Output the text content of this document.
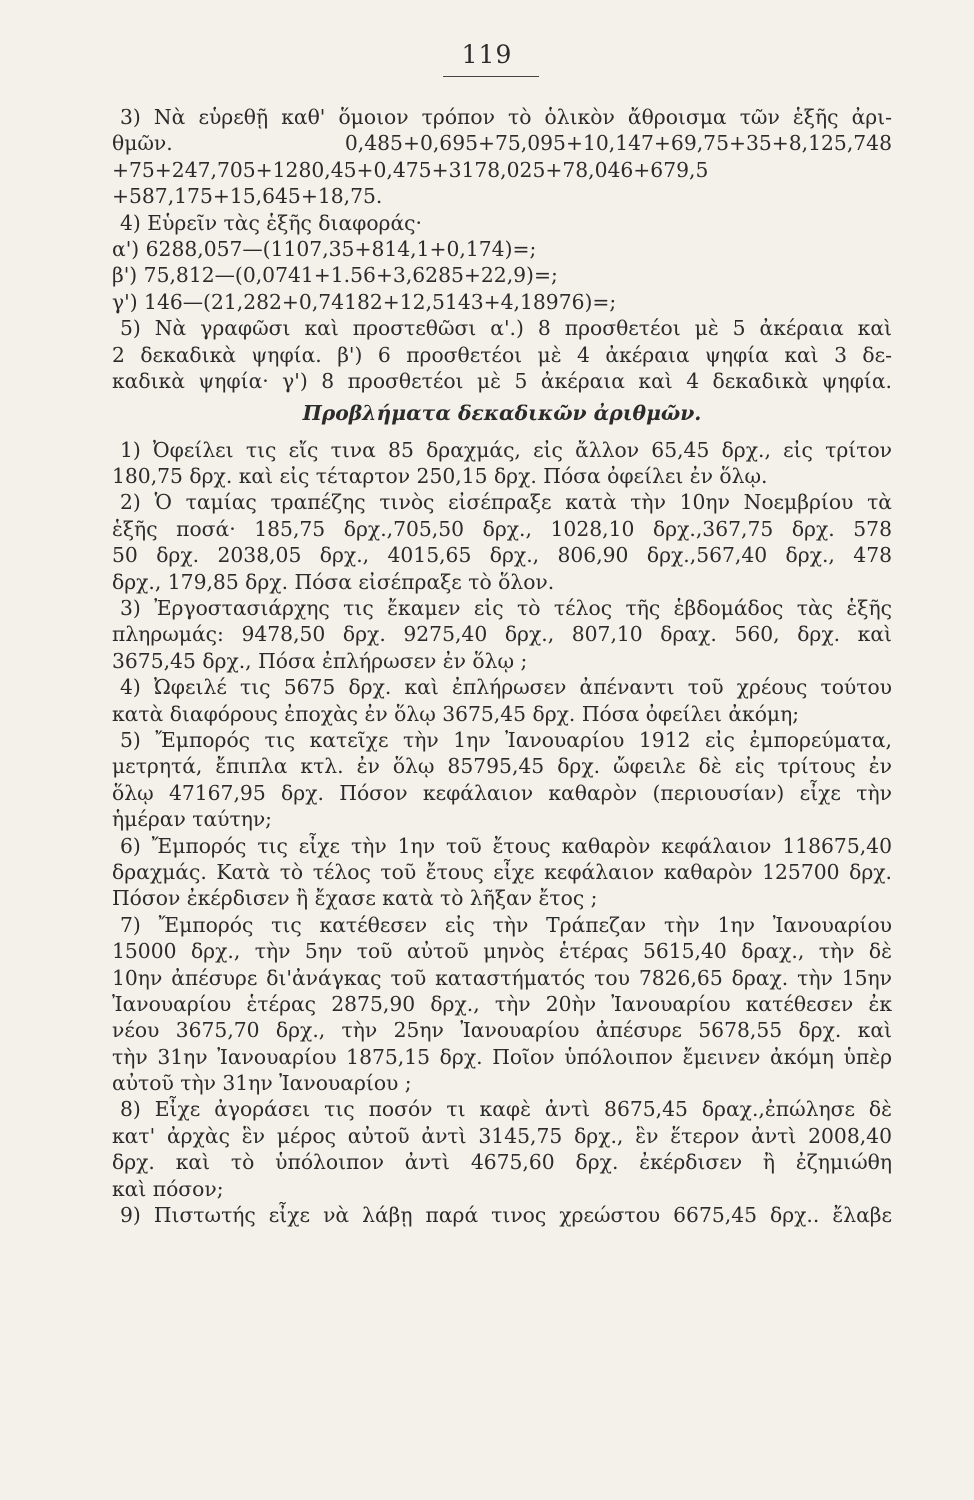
119
3) Νὰ εὑρεθῇ καθ' ὅμοιον τρόπον τὸ ὁλικὸν ἄθροισμα τῶν ἑξῆς ἀρι-
θμῶν. 0,485+0,695+75,095+10,147+69,75+35+8,125,748
+75+247,705+1280,45+0,475+3178,025+78,046+679,5
+587,175+15,645+18,75.
4) Εὑρεῖν τὰς ἑξῆς διαφοράς·
α') 6288,057—(1107,35+814,1+0,174)=;
β') 75,812—(0,0741+1.56+3,6285+22,9)=;
γ') 146—(21,282+0,74182+12,5143+4,18976)=;
5) Νὰ γραφῶσι καὶ προστεθῶσι α'.) 8 προσθετέοι μὲ 5 ἀκέραια καὶ
2 δεκαδικὰ ψηφία. β') 6 προσθετέοι μὲ 4 ἀκέραια ψηφία καὶ 3 δε-
καδικὰ ψηφία· γ') 8 προσθετέοι μὲ 5 ἀκέραια καὶ 4 δεκαδικὰ ψηφία.
Προβλήματα δεκαδικῶν ἀριθμῶν.
1) Ὀφείλει τις εἴς τινα 85 δραχμάς, εἰς ἄλλον 65,45 δρχ., εἰς τρίτον
180,75 δρχ. καὶ εἰς τέταρτον 250,15 δρχ. Πόσα ὀφείλει ἐν ὅλῳ.
2) Ὁ ταμίας τραπέζης τινὸς εἰσέπραξε κατὰ τὴν 10ην Νοεμβρίου τὰ
ἑξῆς ποσά· 185,75 δρχ.,705,50 δρχ., 1028,10 δρχ.,367,75 δρχ. 578
50 δρχ. 2038,05 δρχ., 4015,65 δρχ., 806,90 δρχ.,567,40 δρχ., 478
δρχ., 179,85 δρχ. Πόσα εἰσέπραξε τὸ ὅλον.
3) Ἐργοστασιάρχης τις ἔκαμεν εἰς τὸ τέλος τῆς ἑβδομάδος τὰς ἑξῆς
πληρωμάς: 9478,50 δρχ. 9275,40 δρχ., 807,10 δραχ. 560, δρχ. καὶ
3675,45 δρχ., Πόσα ἐπλήρωσεν ἐν ὅλῳ ;
4) Ὠφειλέ τις 5675 δρχ. καὶ ἐπλήρωσεν ἀπέναντι τοῦ χρέους τούτου
κατὰ διαφόρους ἐποχὰς ἐν ὅλῳ 3675,45 δρχ. Πόσα ὀφείλει ἀκόμη;
5) Ἔμπορός τις κατεῖχε τὴν 1ην Ἰανουαρίου 1912 εἰς ἐμπορεύματα,
μετρητά, ἔπιπλα κτλ. ἐν ὅλῳ 85795,45 δρχ. ὤφειλε δὲ εἰς τρίτους ἐν
ὅλῳ 47167,95 δρχ. Πόσον κεφάλαιον καθαρὸν (περιουσίαν) εἶχε τὴν
ἡμέραν ταύτην;
6) Ἔμπορός τις εἶχε τὴν 1ην τοῦ ἔτους καθαρὸν κεφάλαιον 118675,40
δραχμάς. Κατὰ τὸ τέλος τοῦ ἔτους εἶχε κεφάλαιον καθαρὸν 125700 δρχ.
Πόσον ἐκέρδισεν ἢ ἔχασε κατὰ τὸ λῆξαν ἔτος ;
7) Ἔμπορός τις κατέθεσεν εἰς τὴν Τράπεζαν τὴν 1ην Ἰανουαρίου
15000 δρχ., τὴν 5ην τοῦ αὐτοῦ μηνὸς ἑτέρας 5615,40 δραχ., τὴν δὲ
10ην ἀπέσυρε δι'ἀνάγκας τοῦ καταστήματός του 7826,65 δραχ. τὴν 15ην
Ἰανουαρίου ἑτέρας 2875,90 δρχ., τὴν 20ὴν Ἰανουαρίου κατέθεσεν ἐκ
νέου 3675,70 δρχ., τὴν 25ην Ἰανουαρίου ἀπέσυρε 5678,55 δρχ. καὶ
τὴν 31ην Ἰανουαρίου 1875,15 δρχ. Ποῖον ὑπόλοιπον ἔμεινεν ἀκόμη ὑπὲρ
αὐτοῦ τὴν 31ην Ἰανουαρίου ;
8) Εἶχε ἀγοράσει τις ποσόν τι καφὲ ἀντὶ 8675,45 δραχ.,ἐπώλησε δὲ
κατ' ἀρχὰς ἓν μέρος αὐτοῦ ἀντὶ 3145,75 δρχ., ἓν ἕτερον ἀντὶ 2008,40
δρχ. καὶ τὸ ὑπόλοιπον ἀντὶ 4675,60 δρχ. ἐκέρδισεν ἢ ἐζημιώθη
καὶ πόσον;
9) Πιστωτής εἶχε νὰ λάβῃ παρά τινος χρεώστου 6675,45 δρχ.. ἔλαβε
